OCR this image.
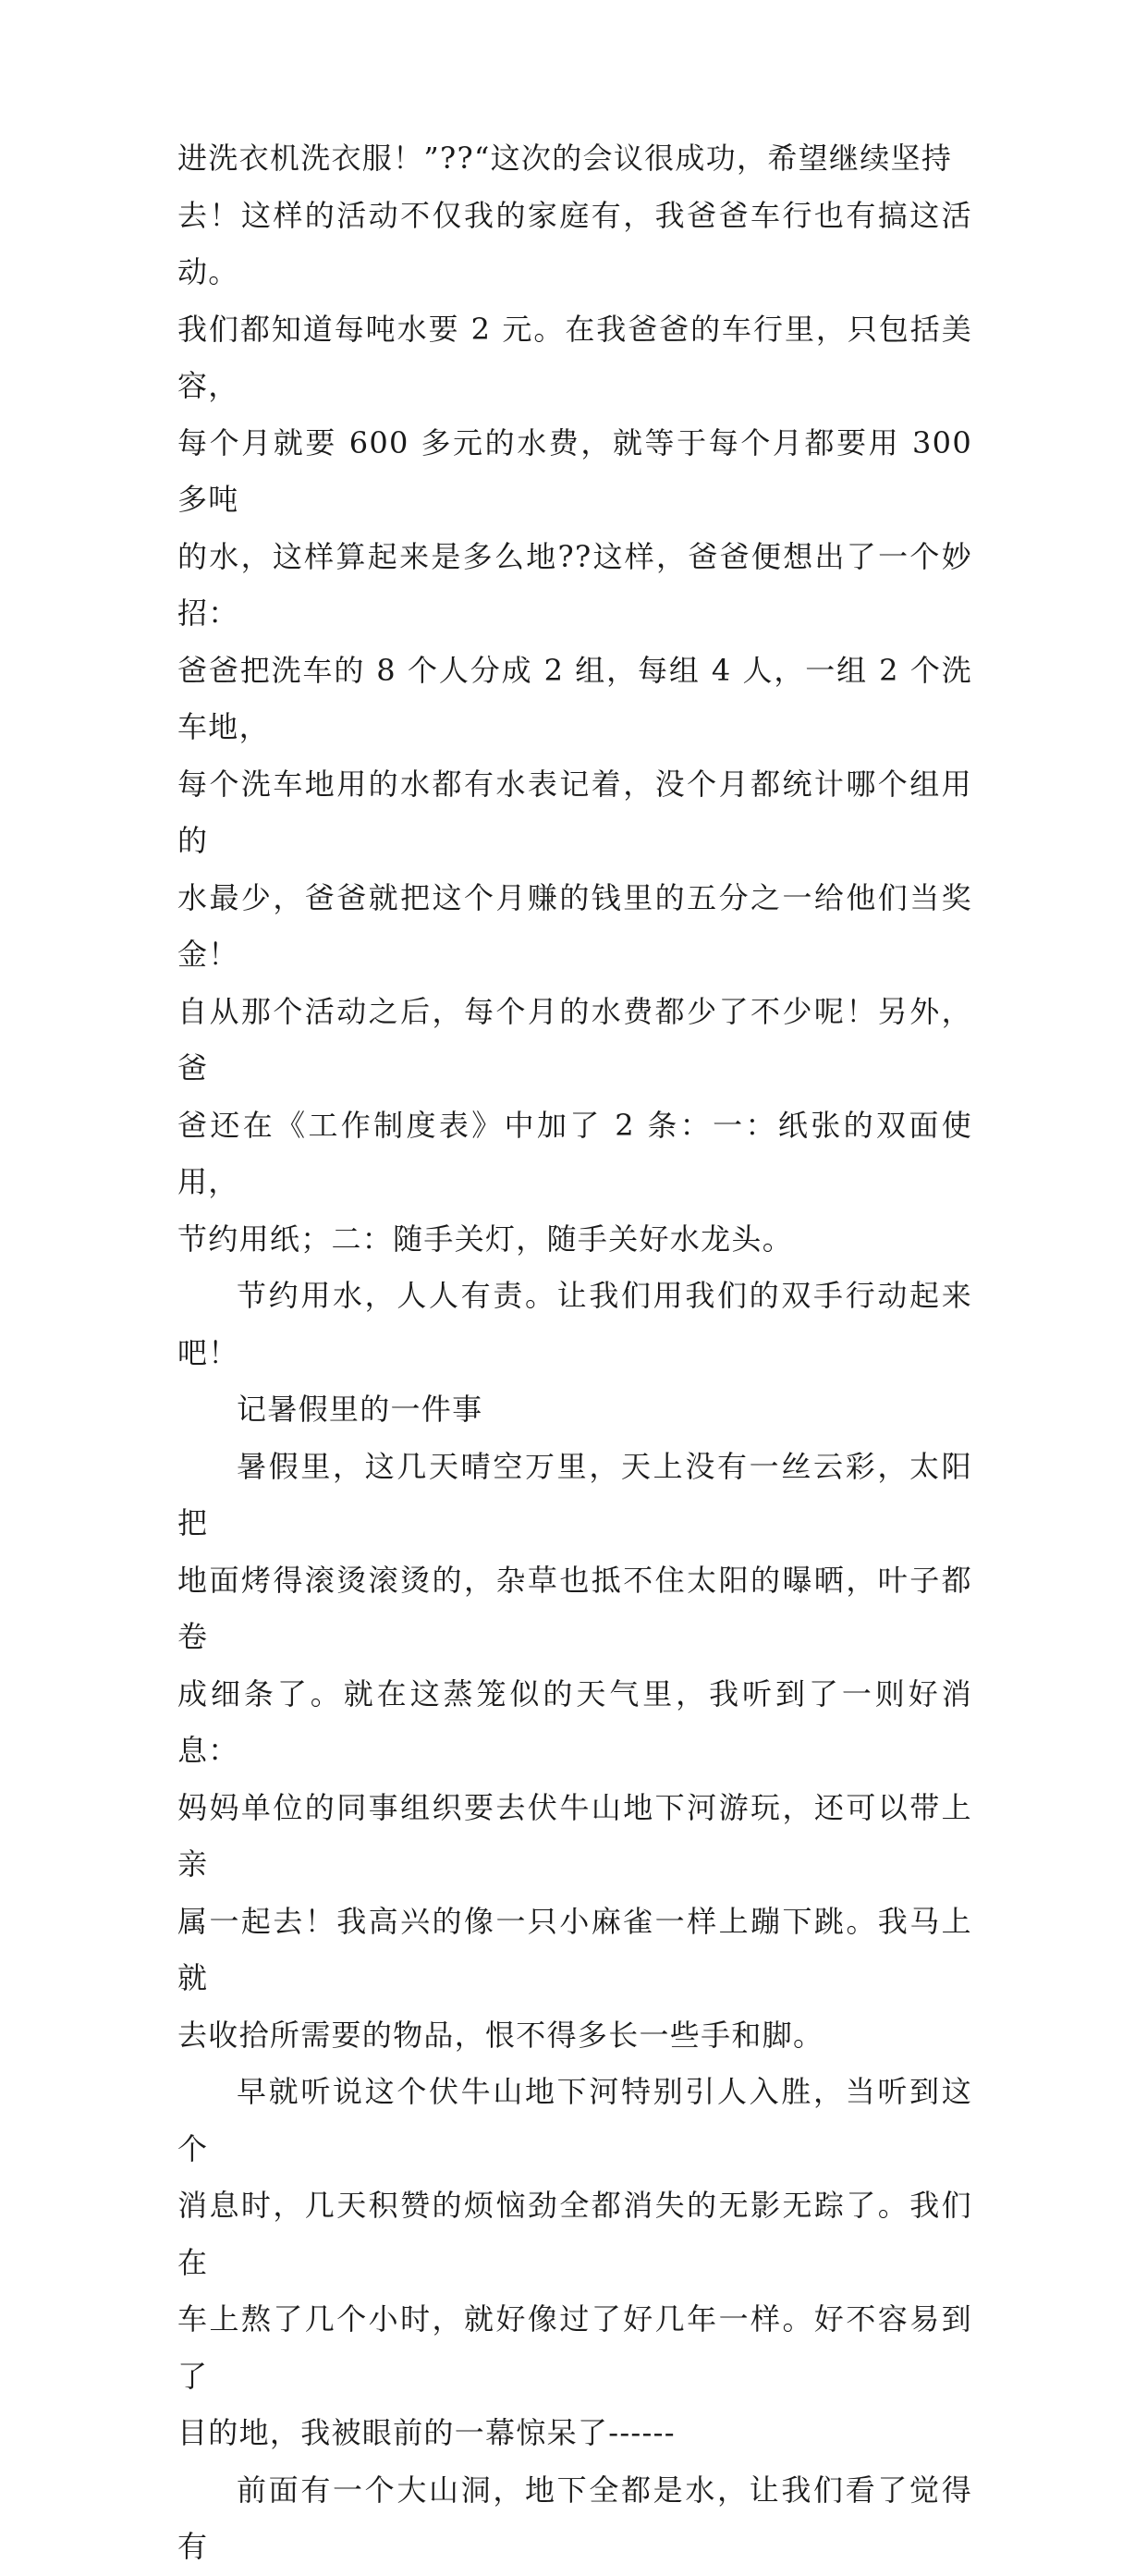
进洗衣机洗衣服！”??“这次的会议很成功，希望继续坚持
去！这样的活动不仅我的家庭有，我爸爸车行也有搞这活动。
我们都知道每吨水要 2 元。在我爸爸的车行里，只包括美容，
每个月就要 600 多元的水费，就等于每个月都要用 300 多吨
的水，这样算起来是多么地??这样，爸爸便想出了一个妙招：
爸爸把洗车的 8 个人分成 2 组，每组 4 人，一组 2 个洗车地，
每个洗车地用的水都有水表记着，没个月都统计哪个组用的
水最少，爸爸就把这个月赚的钱里的五分之一给他们当奖金！
自从那个活动之后，每个月的水费都少了不少呢！另外，爸
爸还在《工作制度表》中加了 2 条：一：纸张的双面使用，
节约用纸；二：随手关灯，随手关好水龙头。
节约用水，人人有责。让我们用我们的双手行动起来吧！
记暑假里的一件事
暑假里，这几天晴空万里，天上没有一丝云彩，太阳把
地面烤得滚烫滚烫的，杂草也抵不住太阳的曝晒，叶子都卷
成细条了。就在这蒸笼似的天气里，我听到了一则好消息：
妈妈单位的同事组织要去伏牛山地下河游玩，还可以带上亲
属一起去！我高兴的像一只小麻雀一样上蹦下跳。我马上就
去收拾所需要的物品，恨不得多长一些手和脚。
早就听说这个伏牛山地下河特别引人入胜，当听到这个
消息时，几天积赞的烦恼劲全都消失的无影无踪了。我们在
车上熬了几个小时，就好像过了好几年一样。好不容易到了
目的地，我被眼前的一幕惊呆了------
前面有一个大山洞，地下全都是水，让我们看了觉得有
